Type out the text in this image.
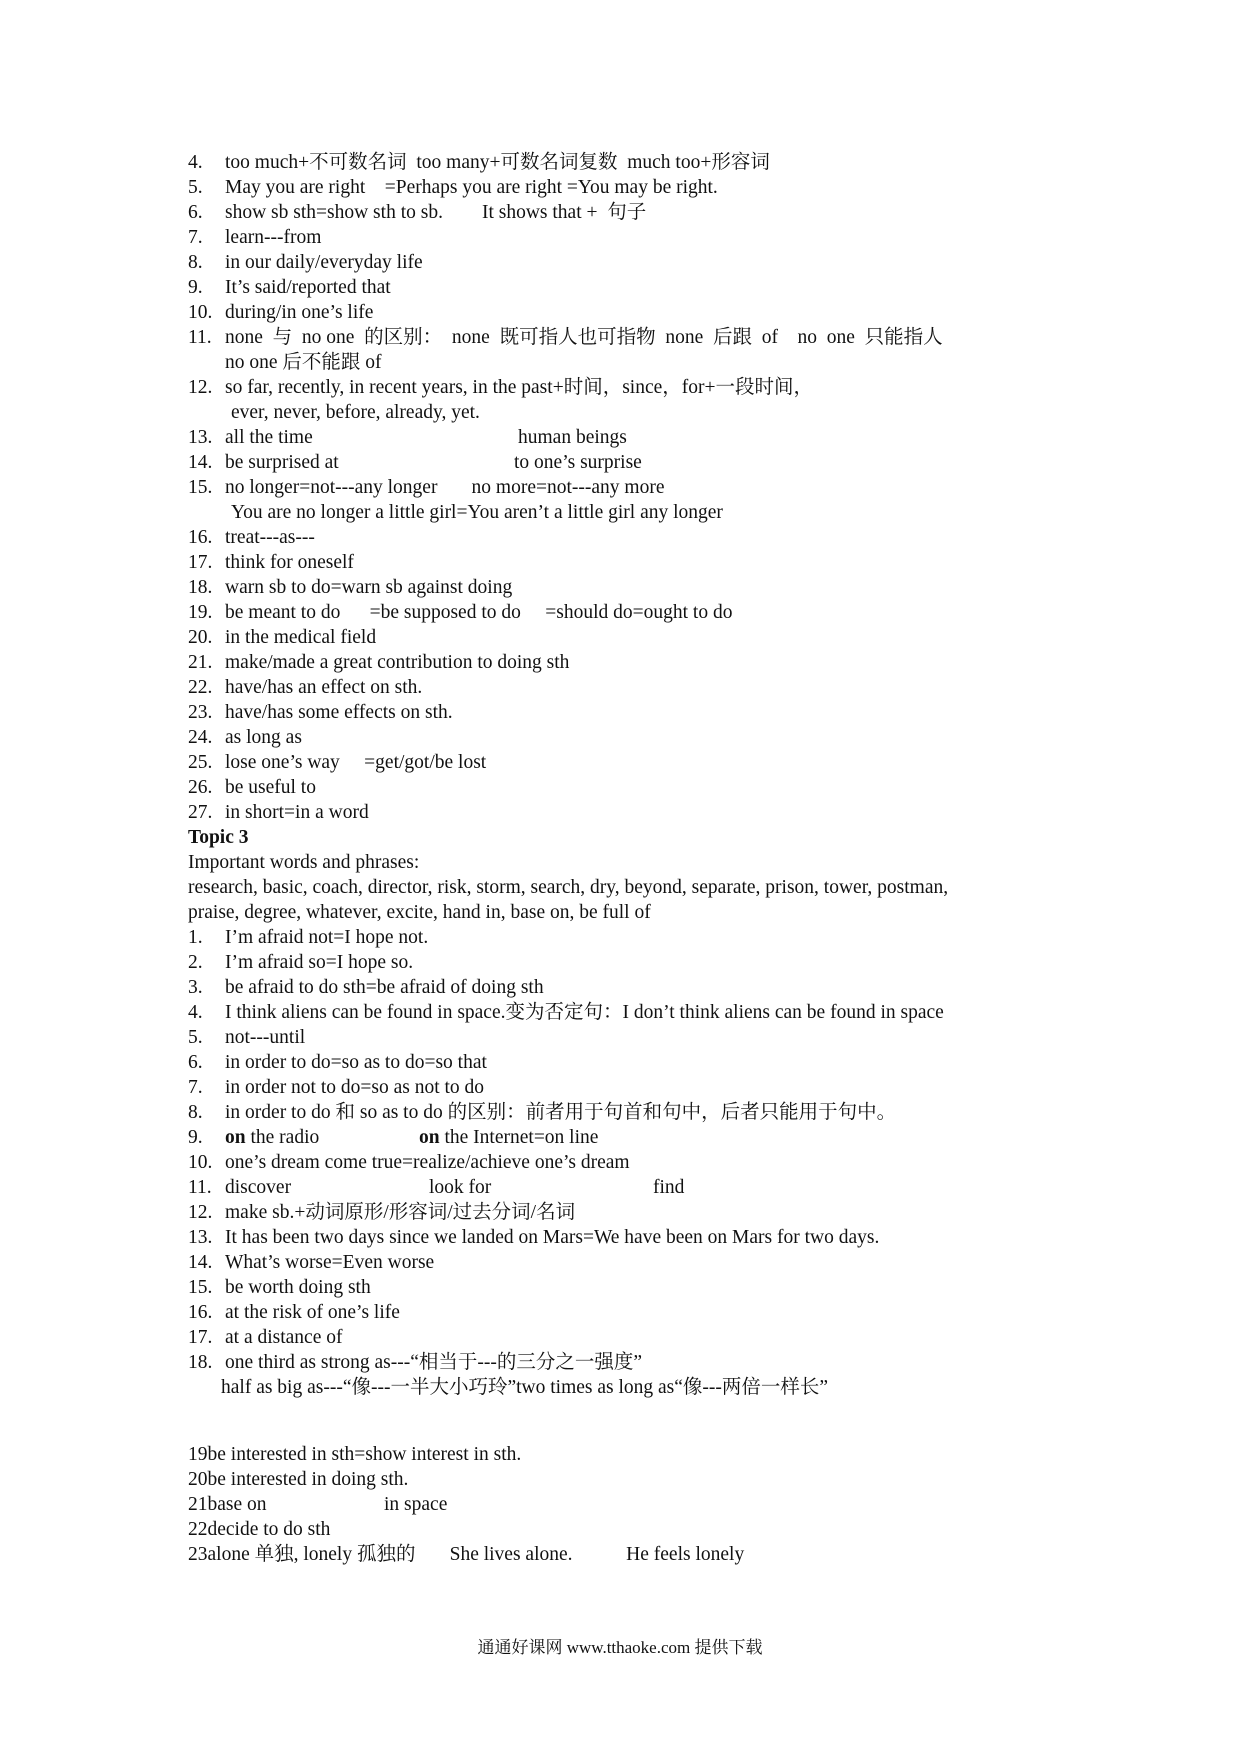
4. too much+不可数名词  too many+可数名词复数  much too+形容词
5. May you are right    =Perhaps you are right =You may be right.
6. show sb sth=show sth to sb.        It shows that +  句子
7. learn---from
8. in our daily/everyday life
9. It’s said/reported that
10. during/in one’s life
11. none  与  no one  的区别：  none  既可指人也可指物  none  后跟  of    no  one  只能指人
no one 后不能跟 of
12. so far, recently, in recent years, in the past+时间，since，for+一段时间，
ever, never, before, already, yet.
13. all the time	human beings
14. be surprised at	to one’s surprise
15. no longer=not---any longer       no more=not---any more
You are no longer a little girl=You aren’t a little girl any longer
16. treat---as---
17. think for oneself
18. warn sb to do=warn sb against doing
19. be meant to do      =be supposed to do     =should do=ought to do
20. in the medical field
21. make/made a great contribution to doing sth
22. have/has an effect on sth.
23. have/has some effects on sth.
24. as long as
25. lose one’s way     =get/got/be lost
26. be useful to
27. in short=in a word
Topic 3
Important words and phrases:
research, basic, coach, director, risk, storm, search, dry, beyond, separate, prison, tower, postman,
praise, degree, whatever, excite, hand in, base on, be full of
1. I’m afraid not=I hope not.
2. I’m afraid so=I hope so.
3. be afraid to do sth=be afraid of doing sth
4. I think aliens can be found in space.变为否定句：I don’t think aliens can be found in space
5. not---until
6. in order to do=so as to do=so that
7. in order not to do=so as not to do
8. in order to do 和 so as to do 的区别：前者用于句首和句中，后者只能用于句中。
9. on the radio	on the Internet=on line
10. one’s dream come true=realize/achieve one’s dream
11. discover	look for	find
12. make sb.+动词原形/形容词/过去分词/名词
13. It has been two days since we landed on Mars=We have been on Mars for two days.
14. What’s worse=Even worse
15. be worth doing sth
16. at the risk of one’s life
17. at a distance of
18. one third as strong as---“相当于---的三分之一强度”
half as big as---“像---一半大小巧玲”two times as long as“像---两倍一样长”
19be interested in sth=show interest in sth.
20be interested in doing sth.
21base on	in space
22decide to do sth
23alone 单独, lonely 孤独的       She lives alone.           He feels lonely
通通好课网 www.tthaoke.com 提供下载
